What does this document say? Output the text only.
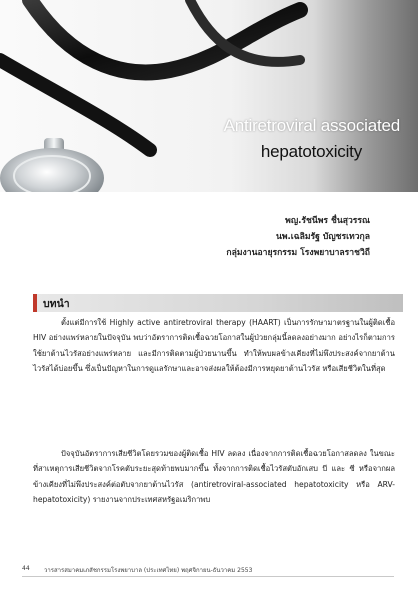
Antiretroviral associated
hepatotoxicity
พญ.รัชนีพร ชื่นสุวรรณ
นพ.เฉลิมรัฐ บัญชรเทวกุล
กลุ่มงานอายุรกรรม โรงพยาบาลราชวิถี
บทนำ

ตั้งแต่มีการใช้ Highly active antiretroviral therapy (HAART) เป็นการรักษามาตรฐานในผู้ติดเชื้อ HIV อย่างแพร่หลายในปัจจุบัน พบว่าอัตราการติดเชื้อฉวยโอกาสในผู้ป่วยกลุ่มนี้ลดลงอย่างมาก อย่างไรก็ตามการใช้ยาต้านไวรัสอย่างแพร่หลาย และมีการติดตามผู้ป่วยนานขึ้น ทำให้พบผลข้างเคียงที่ไม่พึงประสงค์จากยาต้านไวรัสได้บ่อยขึ้น ซึ่งเป็นปัญหาในการดูแลรักษาและอาจส่งผลให้ต้องมีการหยุดยาต้านไวรัส หรือเสียชีวิตในที่สุด

ปัจจุบันอัตราการเสียชีวิตโดยรวมของผู้ติดเชื้อ HIV ลดลง เนื่องจากการติดเชื้อฉวยโอกาสลดลง ในขณะที่สาเหตุการเสียชีวิตจากโรคตับระยะสุดท้ายพบมากขึ้น ทั้งจากการติดเชื้อไวรัสตับอักเสบ บี และ ซี หรือจากผลข้างเคียงที่ไม่พึงประสงค์ต่อตับจากยาต้านไวรัส (antiretroviral-associated hepatotoxicity หรือ ARV-hepatotoxicity) รายงานจากประเทศสหรัฐอเมริกาพบ

44 วารสารสมาคมเภสัชกรรมโรงพยาบาล (ประเทศไทย) พฤศจิกายน-ธันวาคม 2553
